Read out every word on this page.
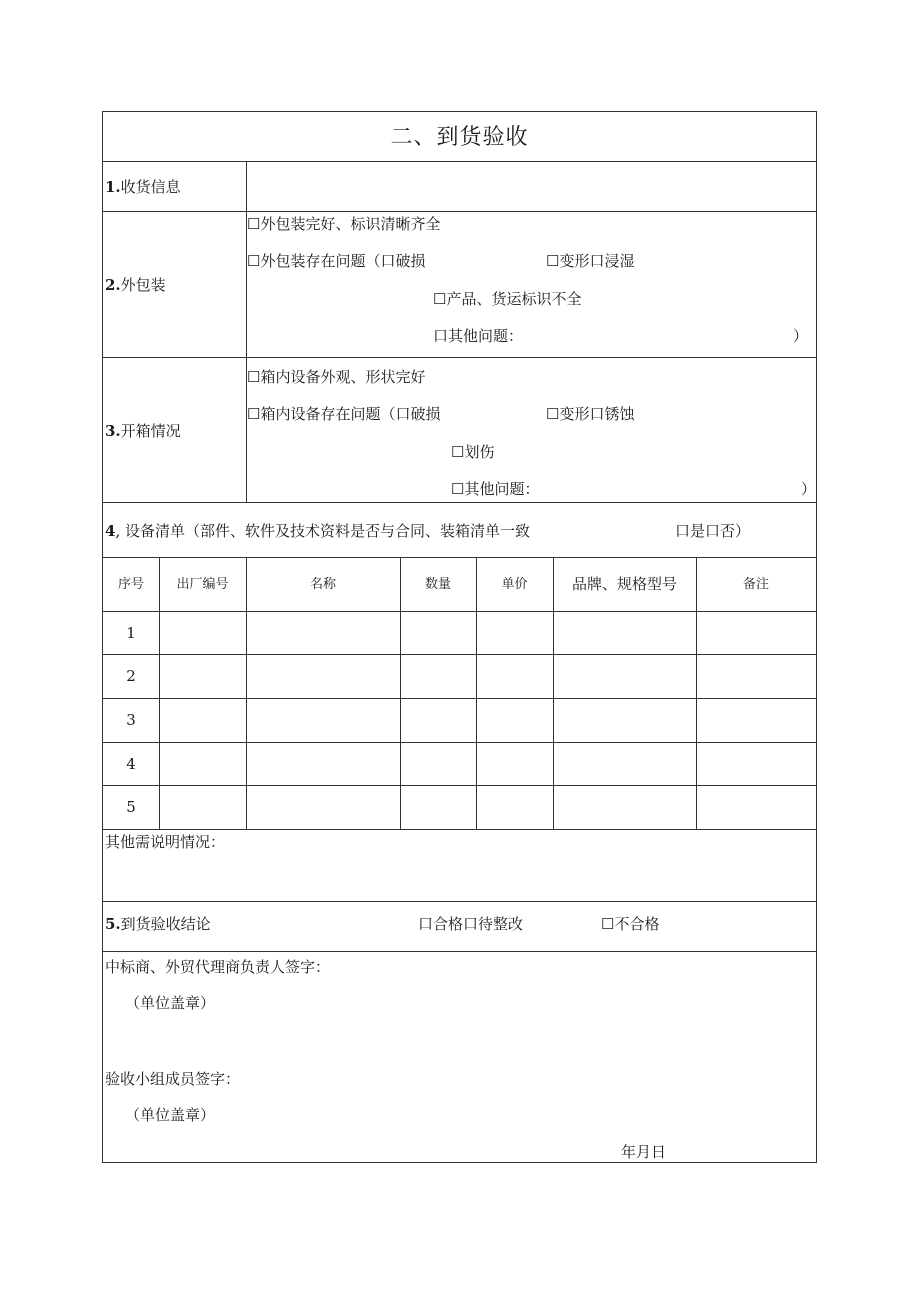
二、到货验收
1.收货信息
2.外包装
☐外包装完好、标识清晰齐全
☐外包装存在问题（口破损	☐变形口浸湿
☐产品、货运标识不全
口其他问题：	）
3.开箱情况
☐箱内设备外观、形状完好
☐箱内设备存在问题（口破损	☐变形口锈蚀
☐划伤
☐其他问题：	）
4, 设备清单（部件、软件及技术资料是否与合同、装箱清单一致	口是口否）
序号	出厂编号	名称	数量	单价	品牌、规格型号	备注
1
2
3
4
5
其他需说明情况：
5.到货验收结论	口合格口待整改	☐不合格
中标商、外贸代理商负责人签字：
（单位盖章）
验收小组成员签字：
（单位盖章）
年月日
